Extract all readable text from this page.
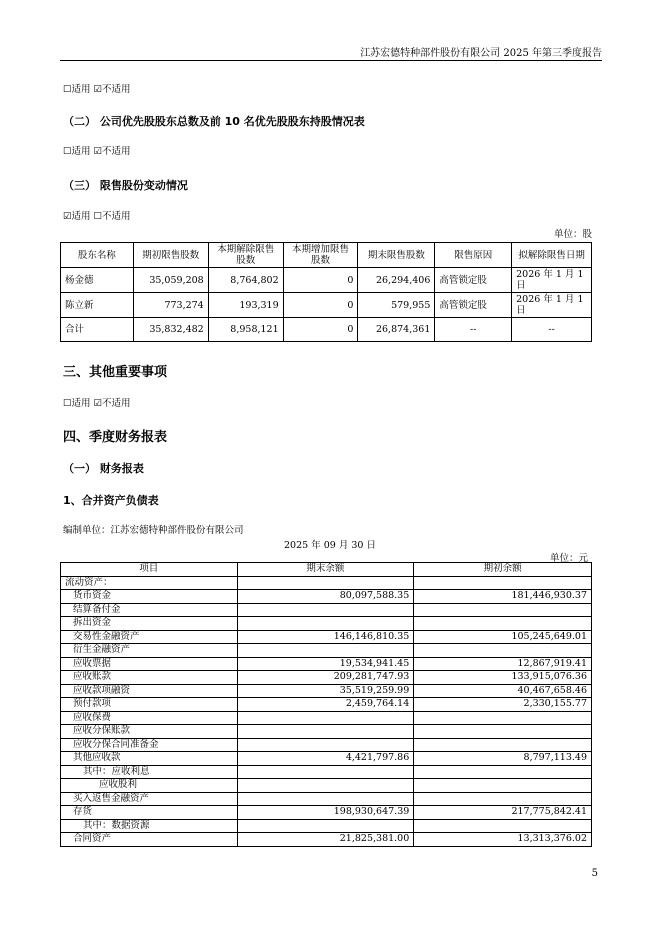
江苏宏德特种部件股份有限公司 2025 年第三季度报告
☐适用 ☑不适用
（二） 公司优先股股东总数及前 10 名优先股股东持股情况表
☐适用 ☑不适用
（三） 限售股份变动情况
☑适用 ☐不适用
单位：股
股东名称	期初限售股数	本期解除限售股数	本期增加限售股数	期末限售股数	限售原因	拟解除限售日期
杨金德	35,059,208	8,764,802	0	26,294,406	高管锁定股	2026 年 1 月 1 日
陈立新	773,274	193,319	0	579,955	高管锁定股	2026 年 1 月 1 日
合计	35,832,482	8,958,121	0	26,874,361	--	--
三、其他重要事项
☐适用 ☑不适用
四、季度财务报表
（一） 财务报表
1、合并资产负债表
编制单位：江苏宏德特种部件股份有限公司
2025 年 09 月 30 日
单位：元
项目	期末余额	期初余额
流动资产：		
货币资金	80,097,588.35	181,446,930.37
结算备付金		
拆出资金		
交易性金融资产	146,146,810.35	105,245,649.01
衍生金融资产		
应收票据	19,534,941.45	12,867,919.41
应收账款	209,281,747.93	133,915,076.36
应收款项融资	35,519,259.99	40,467,658.46
预付款项	2,459,764.14	2,330,155.77
应收保费		
应收分保账款		
应收分保合同准备金		
其他应收款	4,421,797.86	8,797,113.49
其中：应收利息		
应收股利		
买入返售金融资产		
存货	198,930,647.39	217,775,842.41
其中：数据资源		
合同资产	21,825,381.00	13,313,376.02
5
